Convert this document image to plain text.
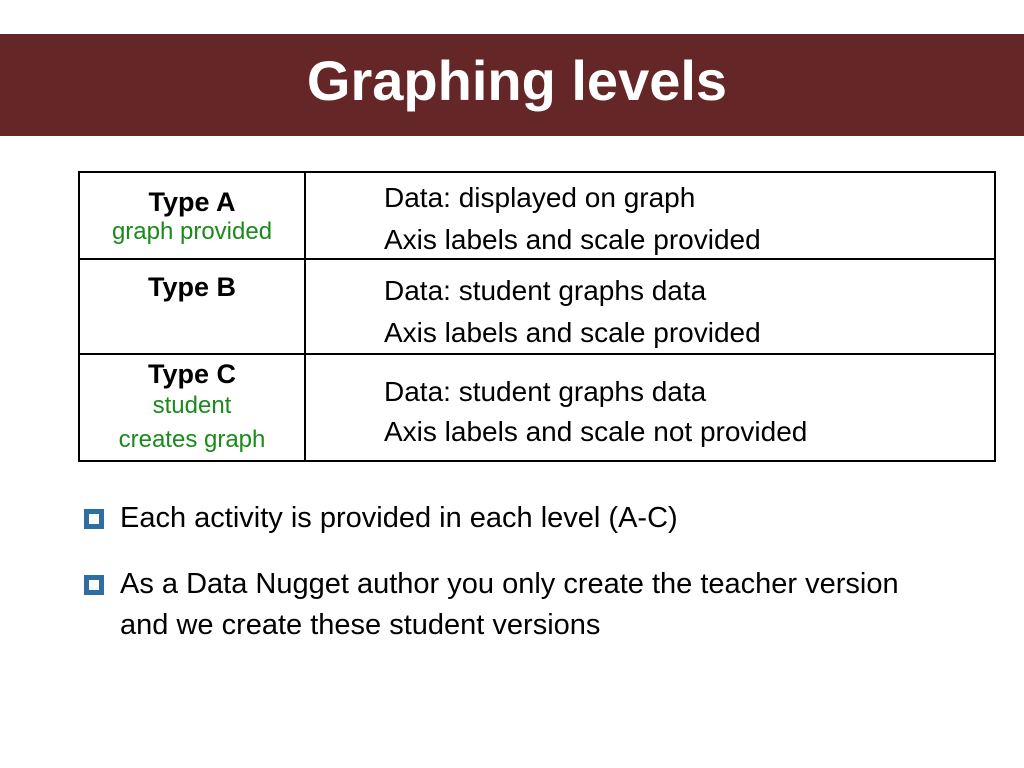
Graphing levels
Type A
graph provided
Data: displayed on graph
Axis labels and scale provided
Type B	Data: student graphs data
Axis labels and scale provided
Type C
student
creates graph
Data: student graphs data
Axis labels and scale not provided
Each activity is provided in each level (A-C)
As a Data Nugget author you only create the teacher version
and we create these student versions
